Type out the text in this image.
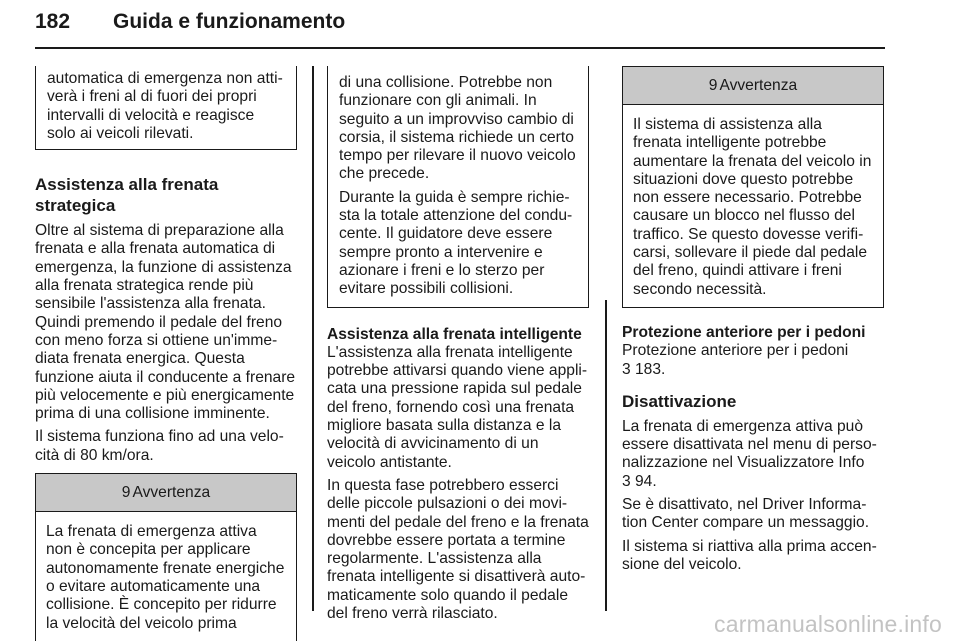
182 Guida e funzionamento

automatica di emergenza non attiverà i freni al di fuori dei propri intervalli di velocità e reagisce solo ai veicoli rilevati.

Assistenza alla frenata strategica

Oltre al sistema di preparazione alla frenata e alla frenata automatica di emergenza, la funzione di assistenza alla frenata strategica rende più sensibile l'assistenza alla frenata. Quindi premendo il pedale del freno con meno forza si ottiene un'immediata frenata energica. Questa funzione aiuta il conducente a frenare più velocemente e più energicamente prima di una collisione imminente.

Il sistema funziona fino ad una velocità di 80 km/ora.

9 Avvertenza

La frenata di emergenza attiva non è concepita per applicare autonomamente frenate energiche o evitare automaticamente una collisione. È concepito per ridurre la velocità del veicolo prima

di una collisione. Potrebbe non funzionare con gli animali. In seguito a un improvviso cambio di corsia, il sistema richiede un certo tempo per rilevare il nuovo veicolo che precede.

Durante la guida è sempre richiesta la totale attenzione del conducente. Il guidatore deve essere sempre pronto a intervenire e azionare i freni e lo sterzo per evitare possibili collisioni.

Assistenza alla frenata intelligente

L'assistenza alla frenata intelligente potrebbe attivarsi quando viene applicata una pressione rapida sul pedale del freno, fornendo così una frenata migliore basata sulla distanza e la velocità di avvicinamento di un veicolo antistante.

In questa fase potrebbero esserci delle piccole pulsazioni o dei movimenti del pedale del freno e la frenata dovrebbe essere portata a termine regolarmente. L'assistenza alla frenata intelligente si disattiverà automaticamente solo quando il pedale del freno verrà rilasciato.

9 Avvertenza

Il sistema di assistenza alla frenata intelligente potrebbe aumentare la frenata del veicolo in situazioni dove questo potrebbe non essere necessario. Potrebbe causare un blocco nel flusso del traffico. Se questo dovesse verificarsi, sollevare il piede dal pedale del freno, quindi attivare i freni secondo necessità.

Protezione anteriore per i pedoni

Protezione anteriore per i pedoni

3 183.

Disattivazione

La frenata di emergenza attiva può essere disattivata nel menu di personalizzazione nel Visualizzatore Info

3 94.

Se è disattivato, nel Driver Information Center compare un messaggio.

Il sistema si riattiva alla prima accensione del veicolo.

carmanualsonline.info
